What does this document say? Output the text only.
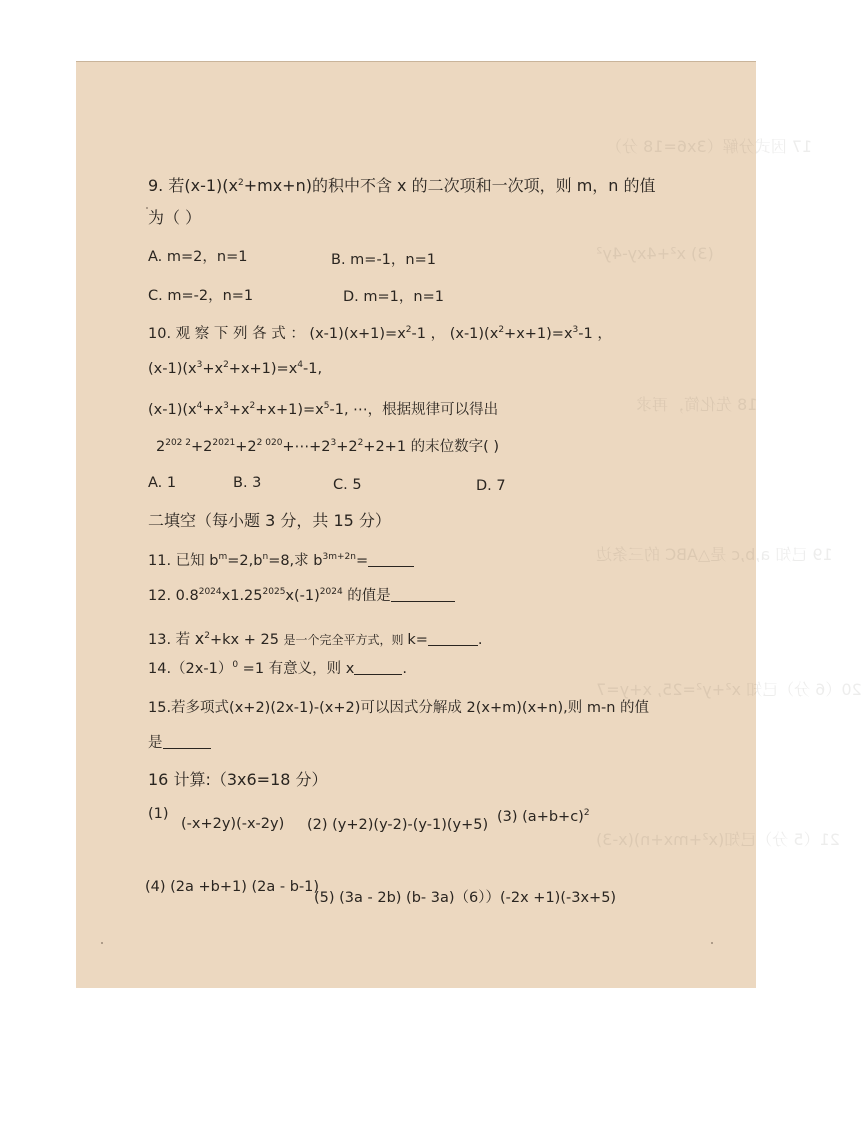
17 因式分解（3x6=18 分）
(3) x²+4xy-4y²
18 先化简，再求
19 已知 a,b,c 是△ABC 的三条边
20（6 分）已知 x²+y²=25, x+y=7
21（5 分）已知(x²+mx+n)(x-3)
9. 若$(x-1)(x^2+mx+n)$的积中不含 x 的二次项和一次项，则 m，n 的值
为（ ）
A. m=2，n=1	B. m=-1，n=1
C. m=-2，n=1	D. m=1，n=1
10. 观 察 下 列 各 式 ： $(x-1)(x+1)=x^2-1$ ， $(x-1)(x^2+x+1)=x^3-1$ ，
$(x-1)(x^3+x^2+x+1)=x^4-1$,
$(x-1)(x^4+x^3+x^2+x+1)=x^5-1$, ⋯，根据规律可以得出
$2^{202 2}+2^{2021}+2^{2 020}+\cdots+2^3+2^2+2+1$ 的末位数字( )
A. 1	B. 3	C. 5	D. 7
二填空（每小题 3 分，共 15 分）
11. 已知 $b^m=2,b^n=8$,求 $b^{3m+2n}=$
12. $0.8^{2024}x1.25^{2025}x(-1)^{2024}$ 的值是
13. 若 $x^2+kx + 25$ 是一个完全平方式，则 k=	.
$14.(2x-1)^0 =1$ 有意义，则 x	.
15.若多项式(x+2)(2x-1)-(x+2)可以因式分解成 2(x+m)(x+n),则 m-n 的值
是
16 计算:（3x6=18 分）
(1)
(-x+2y)(-x-2y) (2) (y+2)(y-2)-(y-1)(y+5) (3) $(a+b+c)^2$
(4) (2a +b+1) (2a - b-1)
(5) (3a - 2b) (b- 3a)（6））(-2x +1)(-3x+5)
